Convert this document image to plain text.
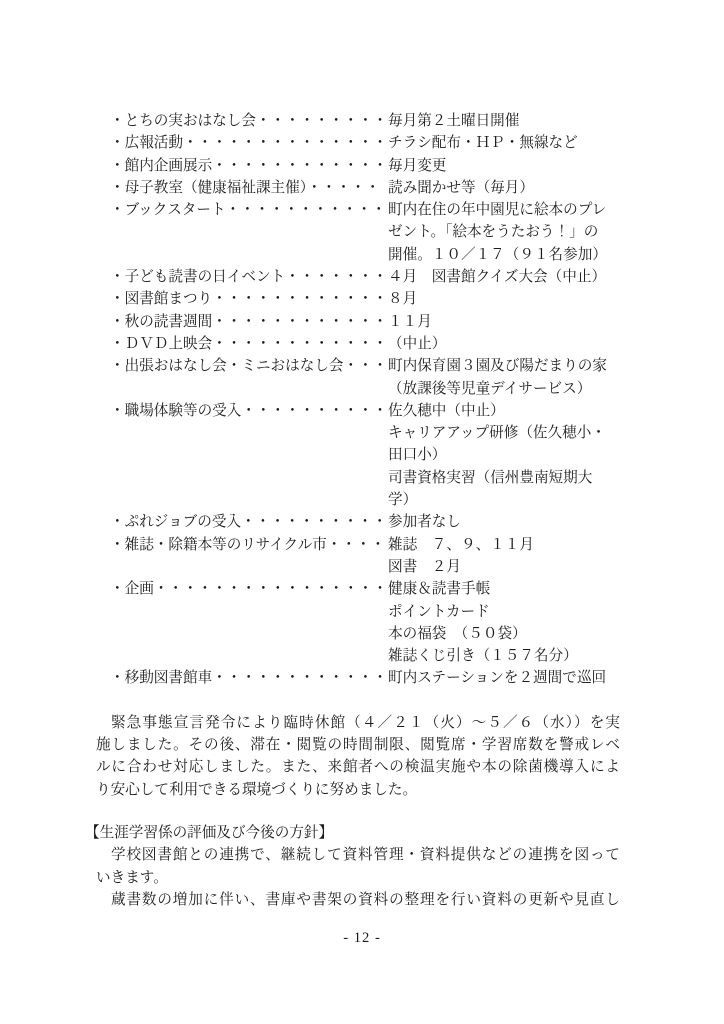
・とちの実おはなし会・・・・・・・・・ 毎月第２土曜日開催
・広報活動・・・・・・・・・・・・・・ チラシ配布・ＨＰ・無線など
・館内企画展示・・・・・・・・・・・・ 毎月変更
・母子教室（健康福祉課主催）・・・・・ 読み聞かせ等（毎月）
・ブックスタート・・・・・・・・・・・ 町内在住の年中園児に絵本のプレ
ゼント。「絵本をうたおう！」の
開催。１０／１７（９１名参加）
・子ども読書の日イベント・・・・・・・ ４月　図書館クイズ大会（中止）
・図書館まつり・・・・・・・・・・・・ ８月
・秋の読書週間・・・・・・・・・・・・ １１月
・ＤＶＤ上映会・・・・・・・・・・・・ （中止）
・出張おはなし会・ミニおはなし会・・・ 町内保育園３園及び陽だまりの家
（放課後等児童デイサービス）
・職場体験等の受入・・・・・・・・・・ 佐久穂中（中止）
キャリアアップ研修（佐久穂小・
田口小）
司書資格実習（信州豊南短期大
学）
・ぷれジョブの受入・・・・・・・・・・ 参加者なし
・雑誌・除籍本等のリサイクル市・・・・ 雑誌　７、９、１１月
図書　２月
・企画・・・・・・・・・・・・・・・・ 健康＆読書手帳
ポイントカード
本の福袋　（５０袋）
雑誌くじ引き（１５７名分）
・移動図書館車・・・・・・・・・・・・ 町内ステーションを２週間で巡回
緊急事態宣言発令により臨時休館（４／２１（火）〜５／６（水））を実
施しました。その後、滞在・閲覧の時間制限、閲覧席・学習席数を警戒レベ
ルに合わせ対応しました。また、来館者への検温実施や本の除菌機導入によ
り安心して利用できる環境づくりに努めました。
【生涯学習係の評価及び今後の方針】
学校図書館との連携で、継続して資料管理・資料提供などの連携を図って
いきます。
蔵書数の増加に伴い、書庫や書架の資料の整理を行い資料の更新や見直し
- 12 -
